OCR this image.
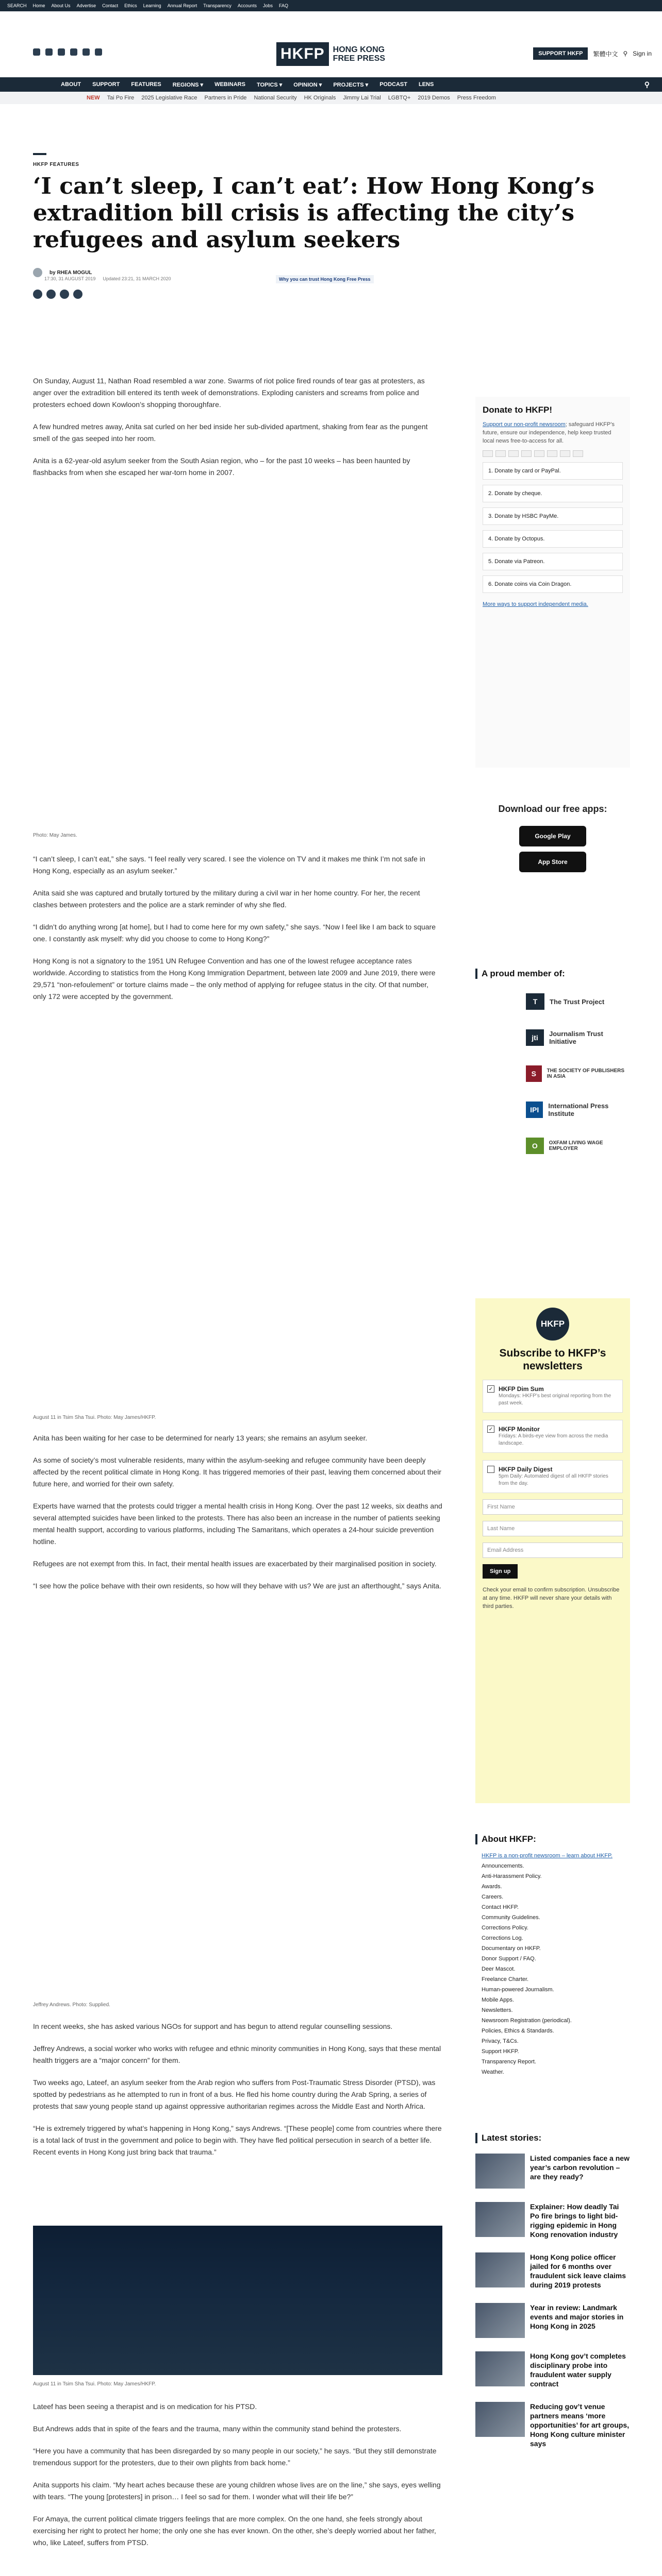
SEARCH Home About Us Advertise Contact Ethics Learning Annual Report Transparency Accounts Jobs FAQ
HKFP	HONG KONG
FREE PRESS
SUPPORT HKFP	繁體中文 ⚲ Sign in
ABOUT SUPPORT FEATURES REGIONS ▾ WEBINARS TOPICS ▾ OPINION ▾ PROJECTS ▾ PODCAST LENS	⚲
NEW Tai Po Fire 2025 Legislative Race Partners in Pride National Security HK Originals Jimmy Lai Trial LGBTQ+ 2019 Demos Press Freedom
HKFP FEATURES
‘I can’t sleep, I can’t eat’: How Hong Kong’s extradition bill crisis is affecting the city’s refugees and asylum seekers
by RHEA MOGUL
17:30, 31 AUGUST 2019 Updated 23:21, 31 MARCH 2020	Why you can trust Hong Kong Free Press

On Sunday, August 11, Nathan Road resembled a war zone. Swarms of riot police fired rounds of tear gas at protesters, as anger over the extradition bill entered its tenth week of demonstrations. Exploding canisters and screams from police and protesters echoed down Kowloon’s shopping thoroughfare.

A few hundred metres away, Anita sat curled on her bed inside her sub-divided apartment, shaking from fear as the pungent smell of the gas seeped into her room.

Anita is a 62-year-old asylum seeker from the South Asian region, who – for the past 10 weeks – has been haunted by flashbacks from when she escaped her war-torn home in 2007.

Photo: May James.

“I can’t sleep, I can’t eat,” she says. “I feel really very scared. I see the violence on TV and it makes me think I’m not safe in Hong Kong, especially as an asylum seeker.”

Anita said she was captured and brutally tortured by the military during a civil war in her home country. For her, the recent clashes between protesters and the police are a stark reminder of why she fled.

“I didn’t do anything wrong [at home], but I had to come here for my own safety,” she says. “Now I feel like I am back to square one. I constantly ask myself: why did you choose to come to Hong Kong?”

Hong Kong is not a signatory to the 1951 UN Refugee Convention and has one of the lowest refugee acceptance rates worldwide. According to statistics from the Hong Kong Immigration Department, between late 2009 and June 2019, there were 29,571 “non-refoulement” or torture claims made – the only method of applying for refugee status in the city. Of that number, only 172 were accepted by the government.

August 11 in Tsim Sha Tsui. Photo: May James/HKFP.

Anita has been waiting for her case to be determined for nearly 13 years; she remains an asylum seeker.

As some of society’s most vulnerable residents, many within the asylum-seeking and refugee community have been deeply affected by the recent political climate in Hong Kong. It has triggered memories of their past, leaving them concerned about their future here, and worried for their own safety.

Experts have warned that the protests could trigger a mental health crisis in Hong Kong. Over the past 12 weeks, six deaths and several attempted suicides have been linked to the protests. There has also been an increase in the number of patients seeking mental health support, according to various platforms, including The Samaritans, which operates a 24-hour suicide prevention hotline.

Refugees are not exempt from this. In fact, their mental health issues are exacerbated by their marginalised position in society.

“I see how the police behave with their own residents, so how will they behave with us? We are just an afterthought,” says Anita.

Jeffrey Andrews. Photo: Supplied.

In recent weeks, she has asked various NGOs for support and has begun to attend regular counselling sessions.

Jeffrey Andrews, a social worker who works with refugee and ethnic minority communities in Hong Kong, says that these mental health triggers are a “major concern” for them.

Two weeks ago, Lateef, an asylum seeker from the Arab region who suffers from Post-Traumatic Stress Disorder (PTSD), was spotted by pedestrians as he attempted to run in front of a bus. He fled his home country during the Arab Spring, a series of protests that saw young people stand up against oppressive authoritarian regimes across the Middle East and North Africa.

“He is extremely triggered by what’s happening in Hong Kong,” says Andrews. “[These people] come from countries where there is a total lack of trust in the government and police to begin with. They have fled political persecution in search of a better life. Recent events in Hong Kong just bring back that trauma.”

August 11 in Tsim Sha Tsui. Photo: May James/HKFP.

Lateef has been seeing a therapist and is on medication for his PTSD.

But Andrews adds that in spite of the fears and the trauma, many within the community stand behind the protesters.

“Here you have a community that has been disregarded by so many people in our society,” he says. “But they still demonstrate tremendous support for the protesters, due to their own plights from back home.”

Anita supports his claim. “My heart aches because these are young children whose lives are on the line,” she says, eyes welling with tears. “The young [protesters] in prison… I feel so sad for them. I wonder what will their life be?”

For Amaya, the current political climate triggers feelings that are more complex. On the one hand, she feels strongly about exercising her right to protect her home; the only one she has ever known. On the other, she’s deeply worried about her father, who, like Lateef, suffers from PTSD.

Donate to HKFP!
Support our non-profit newsroom; safeguard HKFP’s future, ensure our independence, help keep trusted local news free-to-access for all.
1. Donate by card or PayPal.
2. Donate by cheque.
3. Donate by HSBC PayMe.
4. Donate by Octopus.
5. Donate via Patreon.
6. Donate coins via Coin Dragon.
More ways to support independent media.
Download our free apps:
Google Play
App Store
A proud member of:
T	The Trust Project
jti	Journalism Trust Initiative
S	THE SOCIETY OF PUBLISHERS IN ASIA
IPI	International Press Institute
O	OXFAM LIVING WAGE EMPLOYER
HKFP
Subscribe to HKFP’s newsletters
✓ HKFP Dim Sum
Mondays: HKFP’s best original reporting from the past week.
✓ HKFP Monitor
Fridays: A birds-eye view from across the media landscape.
HKFP Daily Digest
5pm Daily: Automated digest of all HKFP stories from the day.
First Name
Last Name
Email Address
Sign up
Check your email to confirm subscription. Unsubscribe at any time. HKFP will never share your details with third parties.
About HKFP:
HKFP is a non-profit newsroom – learn about HKFP.
Announcements.
Anti-Harassment Policy.
Awards.
Careers.
Contact HKFP.
Community Guidelines.
Corrections Policy.
Corrections Log.
Documentary on HKFP.
Donor Support / FAQ.
Deer Mascot.
Freelance Charter.
Human-powered Journalism.
Mobile Apps.
Newsletters.
Newsroom Registration (periodical).
Policies, Ethics & Standards.
Privacy, T&Cs.
Support HKFP.
Transparency Report.
Weather.
Latest stories:
Listed companies face a new year’s carbon revolution – are they ready?
Explainer: How deadly Tai Po fire brings to light bid-rigging epidemic in Hong Kong renovation industry
Hong Kong police officer jailed for 6 months over fraudulent sick leave claims during 2019 protests
Year in review: Landmark events and major stories in Hong Kong in 2025
Hong Kong gov’t completes disciplinary probe into fraudulent water supply contract
Reducing gov’t venue partners means ‘more opportunities’ for art groups, Hong Kong culture minister says
